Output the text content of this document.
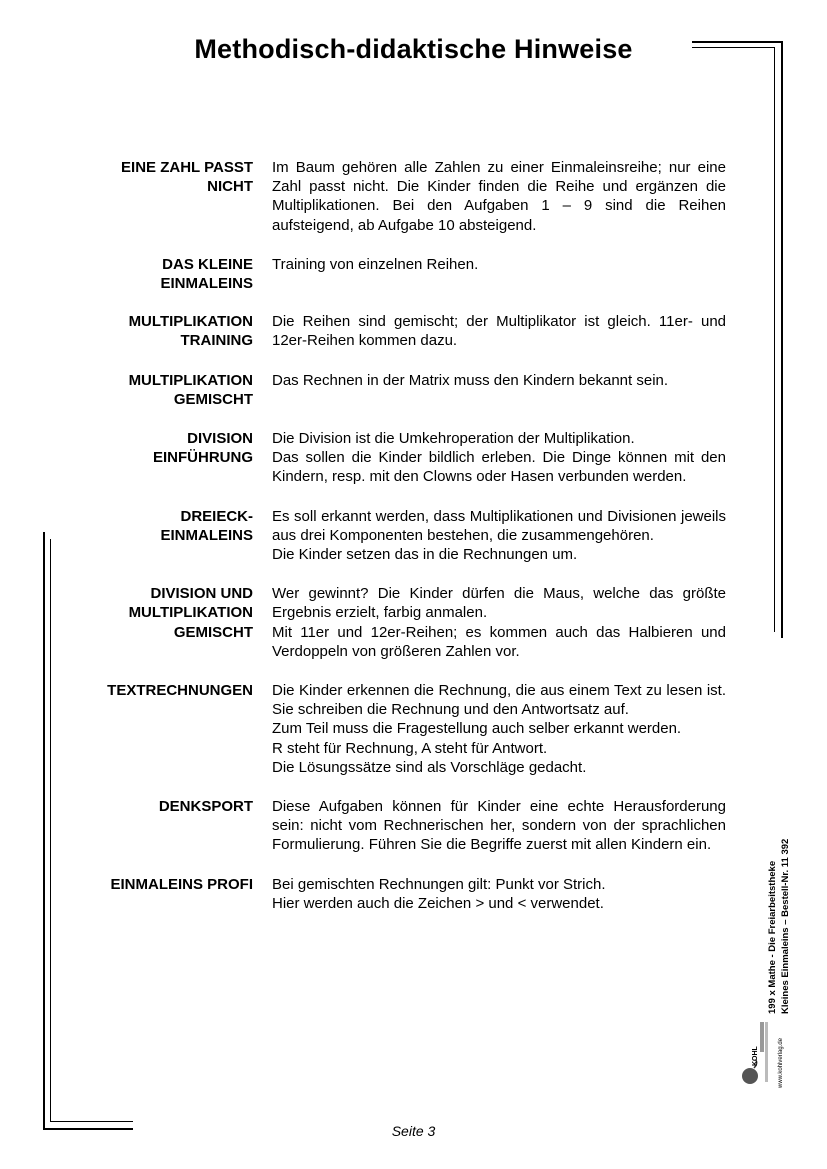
Methodisch-didaktische Hinweise
EINE ZAHL PASST
NICHT

Im Baum gehören alle Zahlen zu einer Einmaleinsreihe; nur eine Zahl passt nicht. Die Kinder finden die Reihe und ergänzen die Multiplikationen. Bei den Aufgaben 1 – 9 sind die Reihen aufsteigend, ab Aufgabe 10 absteigend.

DAS KLEINE
EINMALEINS

Training von einzelnen Reihen.

MULTIPLIKATION
TRAINING

Die Reihen sind gemischt; der Multiplikator ist gleich. 11er- und 12er-Reihen kommen dazu.

MULTIPLIKATION
GEMISCHT

Das Rechnen in der Matrix muss den Kindern bekannt sein.

DIVISION
EINFÜHRUNG

Die Division ist die Umkehroperation der Multiplikation.

Das sollen die Kinder bildlich erleben. Die Dinge können mit den Kindern, resp. mit den Clowns oder Hasen verbunden werden.

DREIECK-
EINMALEINS

Es soll erkannt werden, dass Multiplikationen und Divisionen jeweils aus drei Komponenten bestehen, die zusammengehören.

Die Kinder setzen das in die Rechnungen um.

DIVISION UND
MULTIPLIKATION
GEMISCHT

Wer gewinnt? Die Kinder dürfen die Maus, welche das größte Ergebnis erzielt, farbig anmalen.

Mit 11er und 12er-Reihen; es kommen auch das Halbieren und Verdoppeln von größeren Zahlen vor.

TEXTRECHNUNGEN Die Kinder erkennen die Rechnung, die aus einem Text zu lesen ist. Sie schreiben die Rechnung und den Antwortsatz auf.

Zum Teil muss die Fragestellung auch selber erkannt werden.

R steht für Rechnung, A steht für Antwort.

Die Lösungssätze sind als Vorschläge gedacht.

DENKSPORT Diese Aufgaben können für Kinder eine echte Herausforderung sein: nicht vom Rechnerischen her, sondern von der sprachlichen Formulierung. Führen Sie die Begriffe zuerst mit allen Kindern ein.

EINMALEINS PROFI Bei gemischten Rechnungen gilt: Punkt vor Strich.

Hier werden auch die Zeichen > und < verwendet.

Seite 3
199 x Mathe - Die Freiarbeitstheke Kleines Einmaleins – Bestell-Nr. 11 392
KOHL	www.kohlverlag.de
